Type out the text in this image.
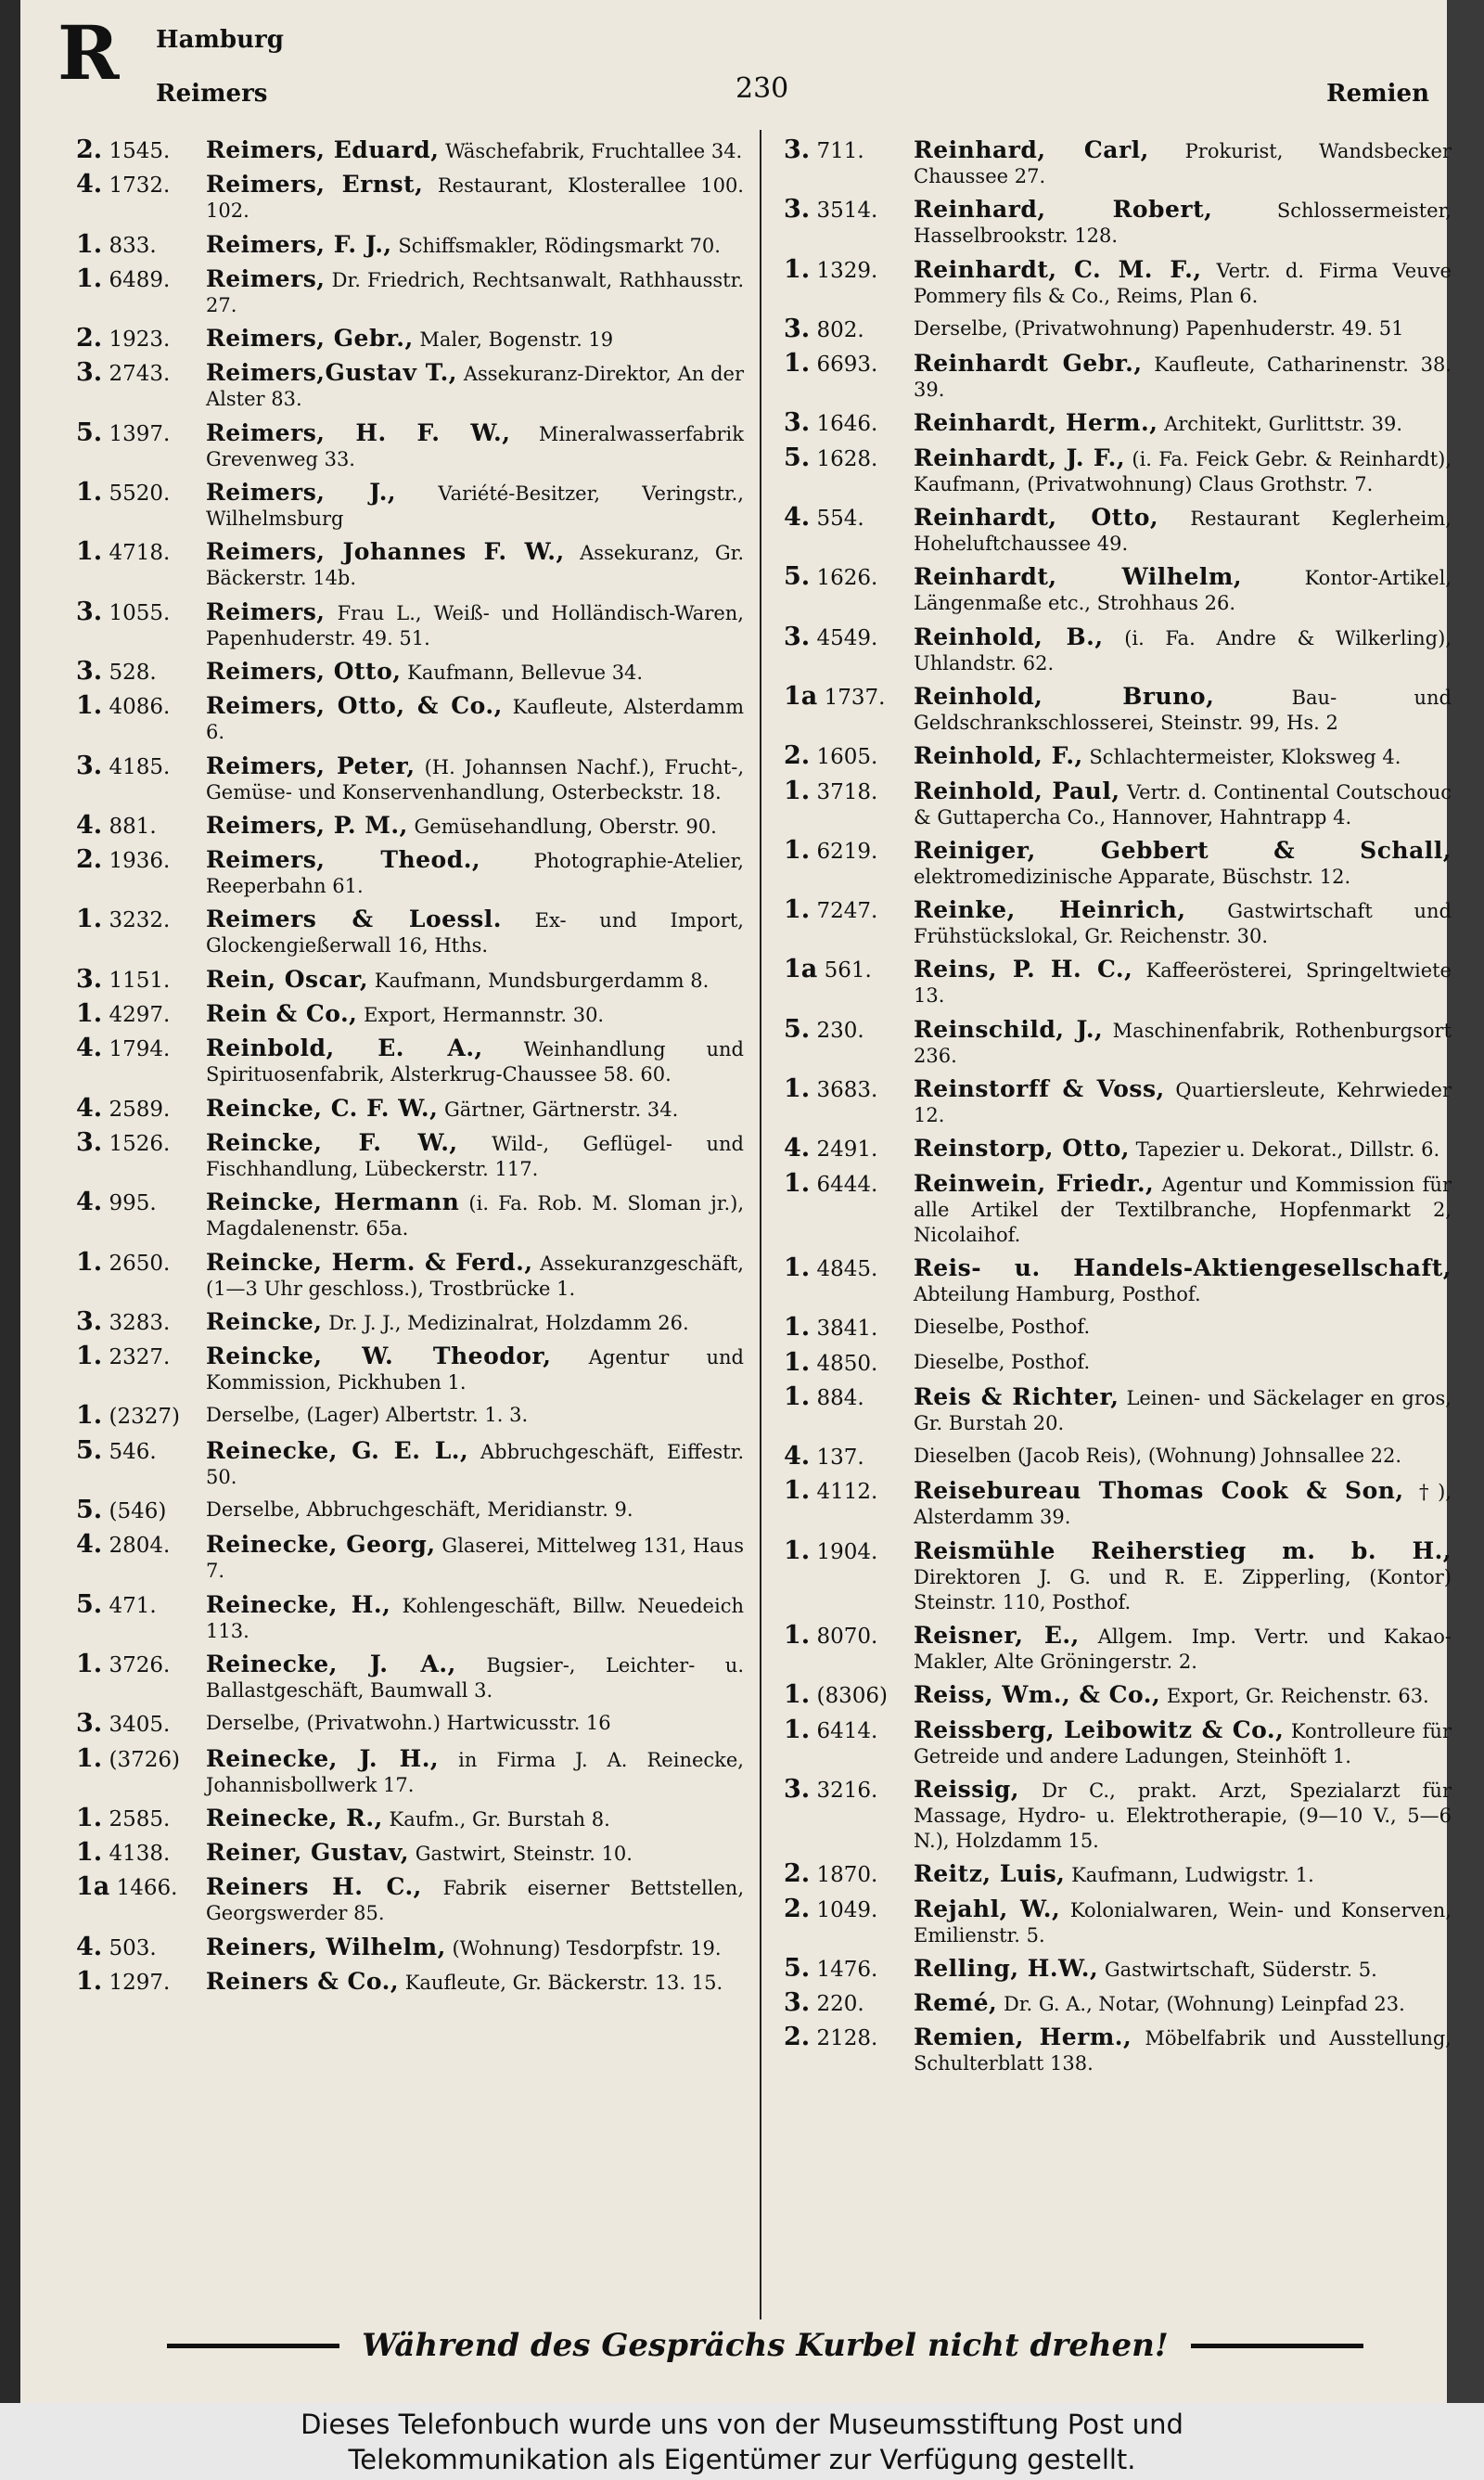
R Hamburg
Reimers	230	Remien
2. 1545.	Reimers, Eduard, Wäschefabrik, Fruchtallee 34.
4. 1732.	Reimers, Ernst, Restaurant, Klosterallee 100. 102.
1. 833.	Reimers, F. J., Schiffsmakler, Rödingsmarkt 70.
1. 6489.	Reimers, Dr. Friedrich, Rechtsanwalt, Rathhausstr. 27.
2. 1923.	Reimers, Gebr., Maler, Bogenstr. 19
3. 2743.	Reimers,Gustav T., Assekuranz-Direktor, An der Alster 83.
5. 1397.	Reimers, H. F. W., Mineralwasserfabrik Grevenweg 33.
1. 5520.	Reimers, J., Variété-Besitzer, Veringstr., Wilhelmsburg
1. 4718.	Reimers, Johannes F. W., Assekuranz, Gr. Bäckerstr. 14b.
3. 1055.	Reimers, Frau L., Weiß- und Holländisch-Waren, Papenhuderstr. 49. 51.
3. 528.	Reimers, Otto, Kaufmann, Bellevue 34.
1. 4086.	Reimers, Otto, & Co., Kaufleute, Alsterdamm 6.
3. 4185.	Reimers, Peter, (H. Johannsen Nachf.), Frucht-, Gemüse- und Konservenhandlung, Osterbeckstr. 18.
4. 881.	Reimers, P. M., Gemüsehandlung, Oberstr. 90.
2. 1936.	Reimers, Theod.,	Photographie-Atelier, Reeperbahn 61.
1. 3232.	Reimers & Loessl. Ex- und Import, Glockengießerwall 16, Hths.
3. 1151.	Rein, Oscar, Kaufmann, Mundsburgerdamm 8.
1. 4297.	Rein & Co., Export, Hermannstr. 30.
4. 1794.	Reinbold, E. A., Weinhandlung und Spirituosenfabrik, Alsterkrug-Chaussee 58. 60.
4. 2589.	Reincke, C. F. W., Gärtner, Gärtnerstr. 34.
3. 1526.	Reincke, F. W., Wild-, Geflügel- und Fischhandlung, Lübeckerstr. 117.
4. 995.	Reincke, Hermann (i. Fa. Rob. M. Sloman jr.), Magdalenenstr. 65a.
1. 2650.	Reincke, Herm. & Ferd., Assekuranzgeschäft, (1—3 Uhr geschloss.), Trostbrücke 1.
3. 3283.	Reincke, Dr. J. J., Medizinalrat, Holzdamm 26.
1. 2327.	Reincke, W. Theodor, Agentur und Kommission, Pickhuben 1.
1. (2327)	Derselbe, (Lager) Albertstr. 1. 3.
5. 546.	Reinecke, G. E. L., Abbruchgeschäft, Eiffestr. 50.
5. (546)	Derselbe, Abbruchgeschäft, Meridianstr. 9.
4. 2804.	Reinecke, Georg, Glaserei, Mittelweg 131, Haus 7.
5. 471.	Reinecke, H., Kohlengeschäft, Billw. Neuedeich 113.
1. 3726.	Reinecke, J. A., Bugsier-, Leichter- u. Ballastgeschäft, Baumwall 3.
3. 3405.	Derselbe, (Privatwohn.) Hartwicusstr. 16
1. (3726)	Reinecke, J. H., in Firma J. A. Reinecke, Johannisbollwerk 17.
1. 2585.	Reinecke, R., Kaufm., Gr. Burstah 8.
1. 4138.	Reiner, Gustav, Gastwirt, Steinstr. 10.
1a 1466.	Reiners H. C., Fabrik eiserner Bettstellen, Georgswerder 85.
4. 503.	Reiners, Wilhelm, (Wohnung) Tesdorpfstr. 19.
1. 1297.	Reiners & Co., Kaufleute, Gr. Bäckerstr. 13. 15.
3. 711.	Reinhard, Carl, Prokurist, Wandsbecker Chaussee 27.
3. 3514.	Reinhard, Robert,	Schlossermeister, Hasselbrookstr. 128.
1. 1329.	Reinhardt, C. M. F., Vertr. d. Firma Veuve Pommery fils & Co., Reims, Plan 6.
3. 802.	Derselbe, (Privatwohnung) Papenhuderstr. 49. 51
1. 6693.	Reinhardt Gebr., Kaufleute, Catharinenstr. 38. 39.
3. 1646.	Reinhardt, Herm., Architekt, Gurlittstr. 39.
5. 1628.	Reinhardt, J. F., (i. Fa. Feick Gebr. & Reinhardt), Kaufmann, (Privatwohnung) Claus Grothstr. 7.
4. 554.	Reinhardt, Otto, Restaurant Keglerheim, Hoheluftchaussee 49.
5. 1626.	Reinhardt, Wilhelm,	Kontor-Artikel, Längenmaße etc., Strohhaus 26.
3. 4549.	Reinhold, B., (i. Fa. Andre & Wilkerling), Uhlandstr. 62.
1a 1737.	Reinhold, Bruno,	Bau- und Geldschrankschlosserei, Steinstr. 99, Hs. 2
2. 1605.	Reinhold, F., Schlachtermeister, Kloksweg 4.
1. 3718.	Reinhold, Paul, Vertr. d. Continental Coutschouc & Guttapercha Co., Hannover, Hahntrapp 4.
1. 6219.	Reiniger, Gebbert & Schall, elektromedizinische Apparate, Büschstr. 12.
1. 7247.	Reinke, Heinrich, Gastwirtschaft und Frühstückslokal, Gr. Reichenstr. 30.
1a 561.	Reins, P. H. C., Kaffeerösterei, Springeltwiete 13.
5. 230.	Reinschild, J., Maschinenfabrik, Rothenburgsort 236.
1. 3683.	Reinstorff & Voss, Quartiersleute, Kehrwieder 12.
4. 2491.	Reinstorp, Otto, Tapezier u. Dekorat., Dillstr. 6.
1. 6444.	Reinwein, Friedr., Agentur und Kommission für alle Artikel der Textilbranche, Hopfenmarkt 2, Nicolaihof.
1. 4845.	Reis- u. Handels-Aktiengesellschaft, Abteilung Hamburg, Posthof.
1. 3841.	Dieselbe, Posthof.
1. 4850.	Dieselbe, Posthof.
1. 884.	Reis & Richter, Leinen- und Säckelager en gros, Gr. Burstah 20.
4. 137.	Dieselben (Jacob Reis), (Wohnung) Johnsallee 22.
1. 4112.	Reisebureau Thomas Cook & Son, †), Alsterdamm 39.
1. 1904.	Reismühle Reiherstieg m. b. H., Direktoren J. G. und R. E. Zipperling, (Kontor) Steinstr. 110, Posthof.
1. 8070.	Reisner, E., Allgem. Imp. Vertr. und Kakao-Makler, Alte Gröningerstr. 2.
1. (8306)	Reiss, Wm., & Co., Export, Gr. Reichenstr. 63.
1. 6414.	Reissberg, Leibowitz & Co., Kontrolleure für Getreide und andere Ladungen, Steinhöft 1.
3. 3216.	Reissig, Dr C., prakt. Arzt, Spezialarzt für Massage, Hydro- u. Elektrotherapie, (9—10 V., 5—6 N.), Holzdamm 15.
2. 1870.	Reitz, Luis, Kaufmann, Ludwigstr. 1.
2. 1049.	Rejahl, W., Kolonialwaren, Wein- und Konserven, Emilienstr. 5.
5. 1476.	Relling, H.W., Gastwirtschaft, Süderstr. 5.
3. 220.	Remé, Dr. G. A., Notar, (Wohnung) Leinpfad 23.
2. 2128.	Remien, Herm., Möbelfabrik und Ausstellung, Schulterblatt 138.
Während des Gesprächs Kurbel nicht drehen!
Dieses Telefonbuch wurde uns von der Museumsstiftung Post und
Telekommunikation als Eigentümer zur Verfügung gestellt.
